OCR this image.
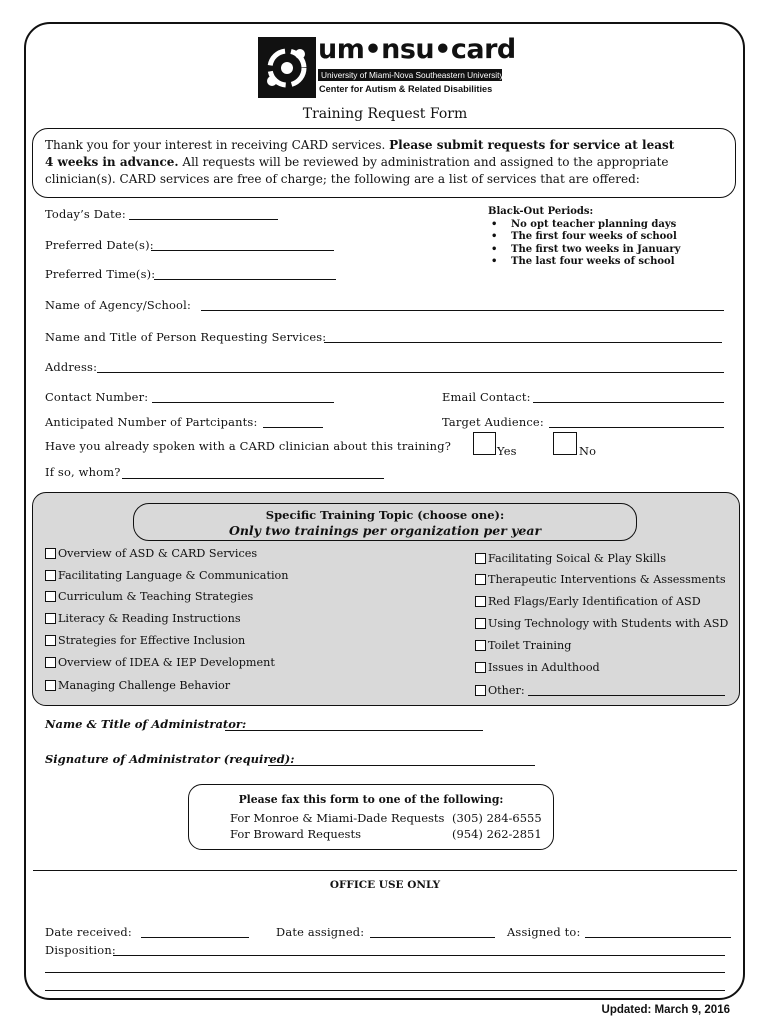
um•nsu•card
University of Miami-Nova Southeastern University
Center for Autism & Related Disabilities
Training Request Form

Thank you for your interest in receiving CARD services. Please submit requests for service at least

4 weeks in advance. All requests will be reviewed by administration and assigned to the appropriate

clinician(s). CARD services are free of charge; the following are a list of services that are offered:

Today’s Date:
Preferred Date(s):
Preferred Time(s):
Black-Out Periods:
• No opt teacher planning days
• The first four weeks of school
• The first two weeks in January
• The last four weeks of school
Name of Agency/School:
Name and Title of Person Requesting Services:
Address:
Contact Number:	Email Contact:
Anticipated Number of Partcipants:	Target Audience:
Have you already spoken with a CARD clinician about this training?	Yes	No
If so, whom?
Specific Training Topic (choose one):
Only two trainings per organization per year
Overview of ASD & CARD Services
Facilitating Language & Communication
Curriculum & Teaching Strategies
Literacy & Reading Instructions
Strategies for Effective Inclusion
Overview of IDEA & IEP Development
Managing Challenge Behavior
Facilitating Soical & Play Skills
Therapeutic Interventions & Assessments
Red Flags/Early Identification of ASD
Using Technology with Students with ASD
Toilet Training
Issues in Adulthood
Other:
Name & Title of Administrator:
Signature of Administrator (required):
Please fax this form to one of the following:
For Monroe & Miami-Dade Requests (305) 284-6555
For Broward Requests	(954) 262-2851
OFFICE USE ONLY
Date received:	Date assigned:	Assigned to:
Disposition:
Updated: March 9, 2016
